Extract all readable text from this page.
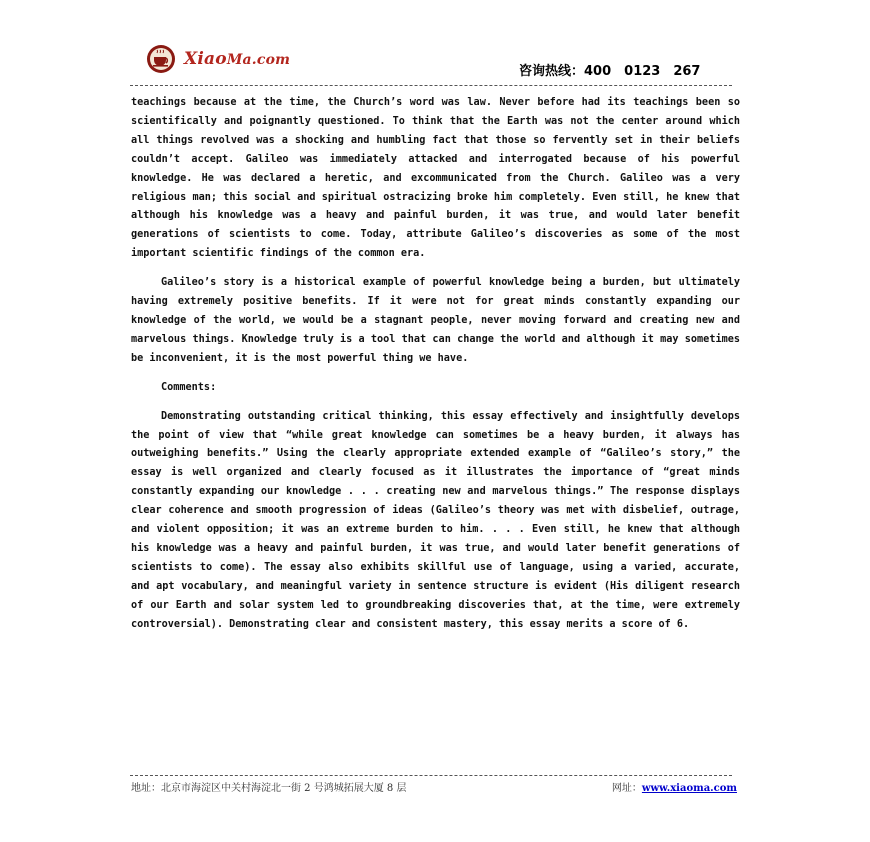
XiaoMa.com
咨询热线：400　0123　267

teachings because at the time, the Church’s word was law. Never before had its teachings been so scientifically and poignantly questioned. To think that the Earth was not the center around which all things revolved was a shocking and humbling fact that those so fervently set in their beliefs couldn’t accept. Galileo was immediately attacked and interrogated because of his powerful knowledge. He was declared a heretic, and excommunicated from the Church. Galileo was a very religious man; this social and spiritual ostracizing broke him completely. Even still, he knew that although his knowledge was a heavy and painful burden, it was true, and would later benefit generations of scientists to come. Today, attribute Galileo’s discoveries as some of the most important scientific findings of the common era.

Galileo’s story is a historical example of powerful knowledge being a burden, but ultimately having extremely positive benefits. If it were not for great minds constantly expanding our knowledge of the world, we would be a stagnant people, never moving forward and creating new and marvelous things. Knowledge truly is a tool that can change the world and although it may sometimes be inconvenient, it is the most powerful thing we have.

Comments:

Demonstrating outstanding critical thinking, this essay effectively and insightfully develops the point of view that “while great knowledge can sometimes be a heavy burden, it always has outweighing benefits.” Using the clearly appropriate extended example of “Galileo’s story,” the essay is well organized and clearly focused as it illustrates the importance of “great minds constantly expanding our knowledge . . . creating new and marvelous things.” The response displays clear coherence and smooth progression of ideas (Galileo’s theory was met with disbelief, outrage, and violent opposition; it was an extreme burden to him. . . . Even still, he knew that although his knowledge was a heavy and painful burden, it was true, and would later benefit generations of scientists to come). The essay also exhibits skillful use of language, using a varied, accurate, and apt vocabulary, and meaningful variety in sentence structure is evident (His diligent research of our Earth and solar system led to groundbreaking discoveries that, at the time, were extremely controversial). Demonstrating clear and consistent mastery, this essay merits a score of 6.

地址：北京市海淀区中关村海淀北一街 2 号鸿城拓展大厦 8 层	网址：www.xiaoma.com
